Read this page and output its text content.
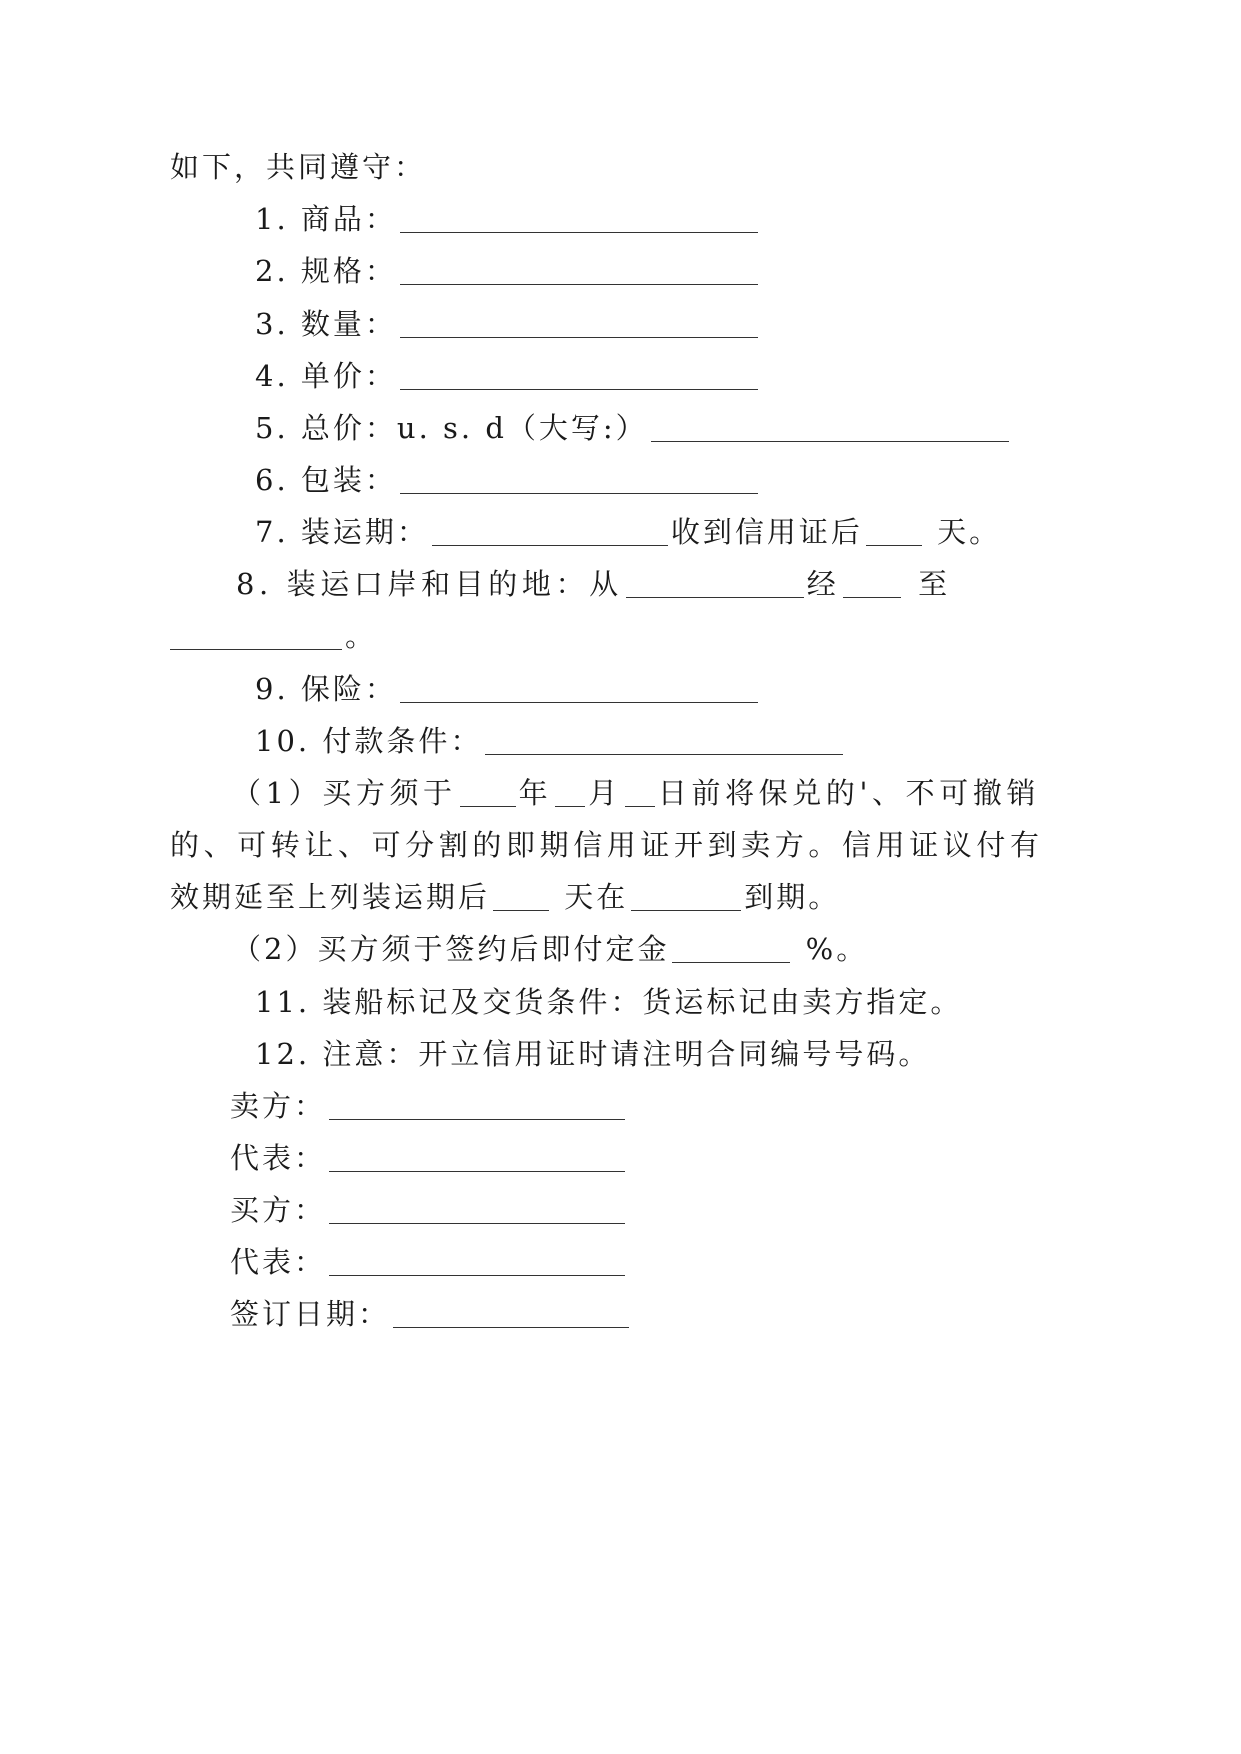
如下，共同遵守：
1. 商品：
2. 规格：
3. 数量：
4. 单价：
5. 总价：u. s. d（大写:）
6. 包装：
7. 装运期：	收到信用证后	天。
8. 装运口岸和目的地：从	经	至
。
9. 保险：
10. 付款条件：
（1）买方须于 年 月 日前将保兑的'、不可撤销
的、可转让、可分割的即期信用证开到卖方。信用证议付有
效期延至上列装运期后	天在	到期。
（2）买方须于签约后即付定金	%。
11. 装船标记及交货条件：货运标记由卖方指定。
12. 注意：开立信用证时请注明合同编号号码。
卖方：
代表：
买方：
代表：
签订日期：
